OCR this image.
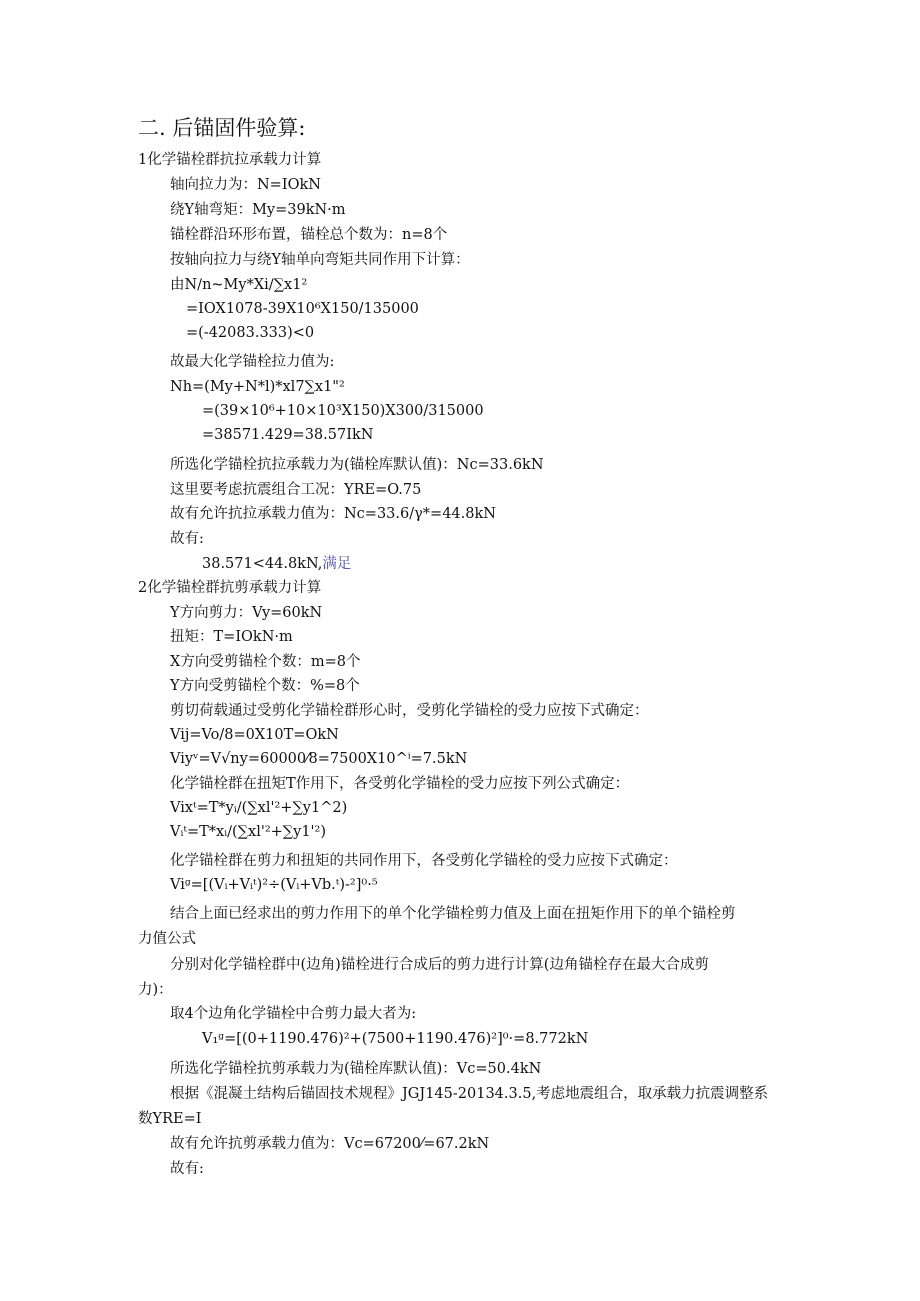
二. 后锚固件验算:
1化学锚栓群抗拉承载力计算
轴向拉力为：N=IOkN
绕Y轴弯矩：My=39kN·m
锚栓群沿环形布置，锚栓总个数为：n=8个
按轴向拉力与绕Y轴单向弯矩共同作用下计算：
由N∕n~My*Xi∕∑x1²
=IOX1078-39X10⁶X150/135000
=(-42083.333)<0
故最大化学锚栓拉力值为:
Nh=(My+N*l)*xl7∑x1"²
=(39×10⁶+10×10³X150)X300/315000
=38571.429=38.57IkN
所选化学锚栓抗拉承载力为(锚栓库默认值)：Nc=33.6kN
这里要考虑抗震组合工况：YRE=O.75
故有允许抗拉承载力值为：Nc=33.6/γ*=44.8kN
故有:
38.571<44.8kN,满足
2化学锚栓群抗剪承载力计算
Y方向剪力：Vy=60kN
扭矩：T=IOkN·m
X方向受剪锚栓个数：m=8个
Y方向受剪锚栓个数：%=8个
剪切荷载通过受剪化学锚栓群形心时，受剪化学锚栓的受力应按下式确定：
Vij=Vo/8=0X10T=OkN
Viyᵛ=V√ny=60000⁄8=7500X10^ⁱ=7.5kN
化学锚栓群在扭矩T作用下，各受剪化学锚栓的受力应按下列公式确定：
Vixᵗ=T*yᵢ∕(∑xl'²+∑y1^2)
Vᵢᵗ=T*xᵢ∕(∑xl'²+∑y1'²)
化学锚栓群在剪力和扭矩的共同作用下，各受剪化学锚栓的受力应按下式确定：
Viᵍ=[(Vᵢ+Vᵢᵗ)²÷(Vᵢ+Vb.ᵗ)-²]⁰·⁵
结合上面已经求出的剪力作用下的单个化学锚栓剪力值及上面在扭矩作用下的单个锚栓剪
力值公式
分别对化学锚栓群中(边角)锚栓进行合成后的剪力进行计算(边角锚栓存在最大合成剪
力)：
取4个边角化学锚栓中合剪力最大者为:
V₁ᵍ=[(0+1190.476)²+(7500+1190.476)²]⁰·=8.772kN
所选化学锚栓抗剪承载力为(锚栓库默认值)：Vc=50.4kN
根据《混凝土结构后锚固技术规程》JGJ145-20134.3.5,考虑地震组合，取承载力抗震调整系
数YRE=I
故有允许抗剪承载力值为：Vc=67200⁄=67.2kN
故有:
